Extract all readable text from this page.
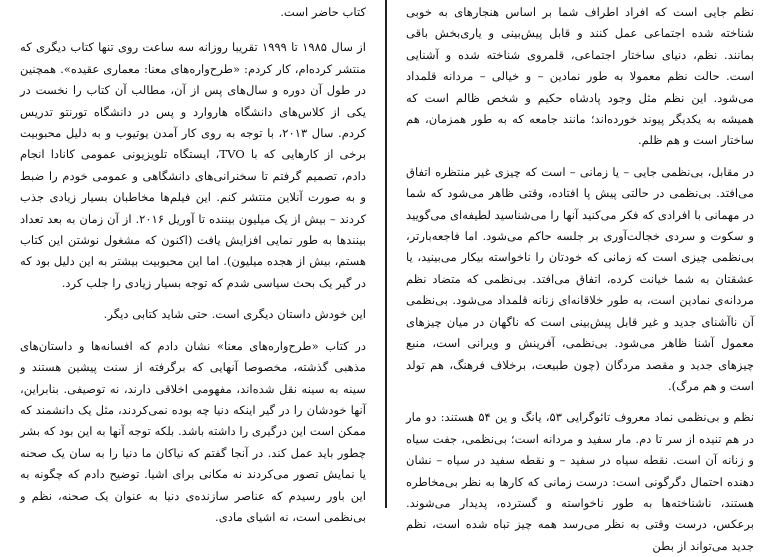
کتاب حاضر است.

از سال ۱۹۸۵ تا ۱۹۹۹ تقریبا روزانه سه ساعت روی تنها کتاب دیگری که منتشر کرده‌ام، کار کردم: «طرح‌واره‌های معنا: معماری عقیده». همچنین در طول آن دوره و سال‌های پس از آن، مطالب آن کتاب را نخست در یکی از کلاس‌های دانشگاه هاروارد و پس در دانشگاه تورنتو تدریس کردم. سال ۲۰۱۳، با توجه به روی کار آمدن یوتیوب و به دلیل محبوبیت برخی از کارهایی که با TVO، ایستگاه تلویزیونی عمومی کانادا انجام دادم، تصمیم گرفتم تا سخنرانی‌های دانشگاهی و عمومی خودم را ضبط و به صورت آنلاین منتشر کنم. این فیلم‌ها مخاطبان بسیار زیادی جذب کردند – بیش از یک میلیون بیننده تا آوریل ۲۰۱۶. از آن زمان به بعد تعداد بینندها به طور نمایی افزایش یافت (اکنون که مشغول نوشتن این کتاب هستم، بیش از هجده میلیون). اما این محبوبیت بیشتر به این دلیل بود که در گیر یک بحث سیاسی شدم که توجه بسیار زیادی را جلب کرد.

این خودش داستان دیگری است. حتی شاید کتابی دیگر.

در کتاب «طرح‌واره‌های معنا» نشان دادم که افسانه‌ها و داستان‌های مذهبی گذشته، مخصوصا آنهایی که برگرفته از سنت پیشین هستند و سینه به سینه نقل شده‌اند، مفهومی اخلاقی دارند، نه توصیفی. بنابراین، آنها خودشان را در گیر اینکه دنیا چه بوده نمی‌کردند، مثل یک دانشمند که ممکن است این درگیری را داشته باشد. بلکه توجه آنها به این بود که بشر چطور باید عمل کند. در آنجا گفتم که نیاکان ما دنیا را به سان یک صحنه یا نمایش تصور می‌کردند نه مکانی برای اشیا. توضیح دادم که چگونه به این باور رسیدم که عناصر سازنده‌ی دنیا به عنوان یک صحنه، نظم و بی‌نظمی است، نه اشیای مادی.

نظم جایی است که افراد اطراف شما بر اساس هنجارهای به خوبی شناخته شده اجتماعی عمل کنند و قابل پیش‌بینی و یاری‌بخش باقی بمانند. نظم، دنیای ساختار اجتماعی، قلمروی شناخته شده و آشنایی است. حالت نظم معمولا به طور نمادین – و خیالی – مردانه قلمداد می‌شود. این نظم مثل وجود پادشاه حکیم و شخص ظالم است که همیشه به یکدیگر پیوند خورده‌اند؛ مانند جامعه که به طور همزمان، هم ساختار است و هم ظلم.

در مقابل، بی‌نظمی جایی – یا زمانی – است که چیزی غیر منتظره اتفاق می‌افتد. بی‌نظمی در حالتی پیش پا افتاده، وقتی ظاهر می‌شود که شما در مهمانی با افرادی که فکر می‌کنید آنها را می‌شناسید لطیفه‌ای می‌گویید و سکوت و سردی خجالت‌آوری بر جلسه حاکم می‌شود. اما فاجعه‌بارتر، بی‌نظمی چیزی است که زمانی که خودتان را ناخواسته بیکار می‌بینید، یا عشقتان به شما خیانت کرده، اتفاق می‌افتد. بی‌نظمی که متضاد نظم مردانه‌ی نمادین است، به طور خلاقانه‌ای زنانه قلمداد می‌شود. بی‌نظمی آن ناآشنای جدید و غیر قابل پیش‌بینی است که ناگهان در میان چیزهای معمول آشنا ظاهر می‌شود. بی‌نظمی، آفرینش و ویرانی است، منبع چیزهای جدید و مقصد مردگان (چون طبیعت، برخلاف فرهنگ، هم تولد است و هم مرگ).

نظم و بی‌نظمی نماد معروف تائوگرایی ۵۳، یانگ و ین ۵۴ هستند: دو مار در هم تنیده از سر تا دم. مار سفید و مردانه است؛ بی‌نظمی، جفت سیاه و زنانه آن است. نقطه سیاه در سفید – و نقطه سفید در سیاه – نشان دهنده احتمال دگرگونی است: درست زمانی که کارها به نظر بی‌مخاطره هستند، ناشناخته‌ها به طور ناخواسته و گسترده، پدیدار می‌شوند. برعکس، درست وقتی به نظر می‌رسد همه چیز تباه شده است، نظم جدید می‌تواند از بطن
